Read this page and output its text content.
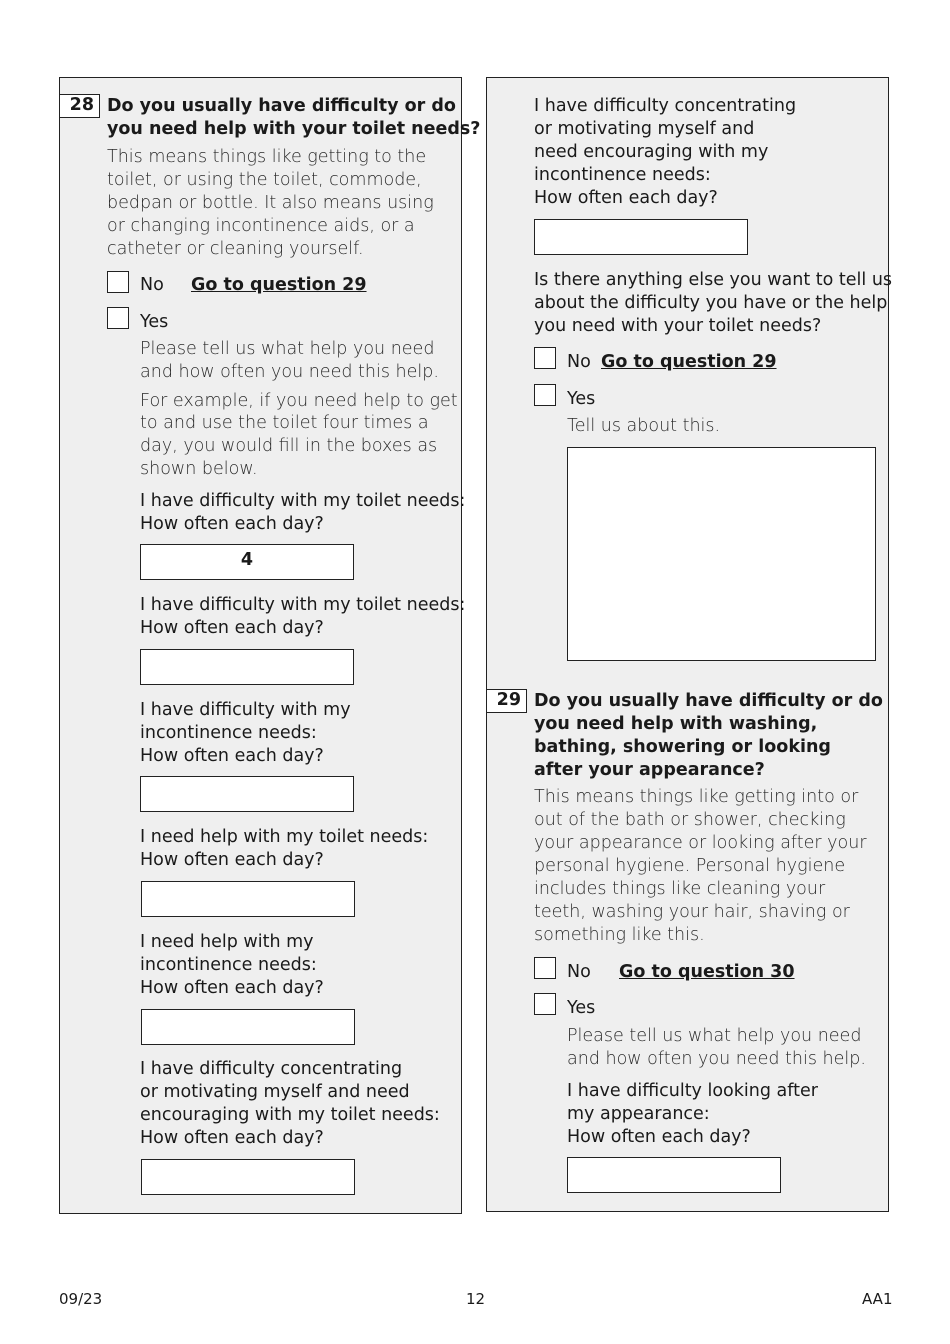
28 Do you usually have difficulty or do
you need help with your toilet needs?
This means things like getting to the
toilet, or using the toilet, commode,
bedpan or bottle. It also means using
or changing incontinence aids, or a
catheter or cleaning yourself.
No Go to question 29
Yes
Please tell us what help you need
and how often you need this help.
For example, if you need help to get
to and use the toilet four times a
day, you would fill in the boxes as
shown below.
I have difficulty with my toilet needs:
How often each day?
4
I have difficulty with my toilet needs:
How often each day?
I have difficulty with my
incontinence needs:
How often each day?
I need help with my toilet needs:
How often each day?
I need help with my
incontinence needs:
How often each day?
I have difficulty concentrating
or motivating myself and need
encouraging with my toilet needs:
How often each day?
I have difficulty concentrating
or motivating myself and
need encouraging with my
incontinence needs:
How often each day?
Is there anything else you want to tell us
about the difficulty you have or the help
you need with your toilet needs?
No Go to question 29
Yes
Tell us about this.
29 Do you usually have difficulty or do
you need help with washing,
bathing, showering or looking
after your appearance?
This means things like getting into or
out of the bath or shower, checking
your appearance or looking after your
personal hygiene. Personal hygiene
includes things like cleaning your
teeth, washing your hair, shaving or
something like this.
No Go to question 30
Yes
Please tell us what help you need
and how often you need this help.
I have difficulty looking after
my appearance:
How often each day?
09/23	12	AA1
